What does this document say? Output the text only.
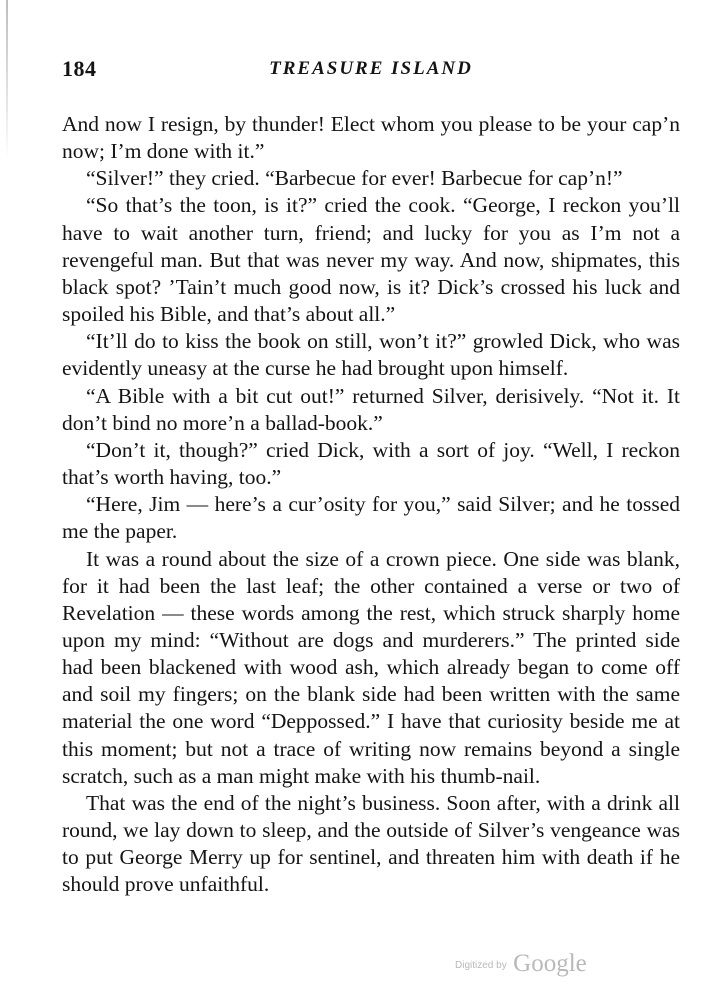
184	TREASURE ISLAND

And now I resign, by thunder! Elect whom you please to be your cap’n now; I’m done with it.”

“Silver!” they cried. “Barbecue for ever! Barbecue for cap’n!”

“So that’s the toon, is it?” cried the cook. “George, I reckon you’ll have to wait another turn, friend; and lucky for you as I’m not a revengeful man. But that was never my way. And now, shipmates, this black spot? ’Tain’t much good now, is it? Dick’s crossed his luck and spoiled his Bible, and that’s about all.”

“It’ll do to kiss the book on still, won’t it?” growled Dick, who was evidently uneasy at the curse he had brought upon himself.

“A Bible with a bit cut out!” returned Silver, derisively. “Not it. It don’t bind no more’n a ballad-book.”

“Don’t it, though?” cried Dick, with a sort of joy. “Well, I reckon that’s worth having, too.”

“Here, Jim — here’s a cur’osity for you,” said Silver; and he tossed me the paper.

It was a round about the size of a crown piece. One side was blank, for it had been the last leaf; the other contained a verse or two of Revelation — these words among the rest, which struck sharply home upon my mind: “Without are dogs and murderers.” The printed side had been blackened with wood ash, which already began to come off and soil my fingers; on the blank side had been written with the same material the one word “Deppossed.” I have that curiosity beside me at this moment; but not a trace of writing now remains beyond a single scratch, such as a man might make with his thumb-nail.

That was the end of the night’s business. Soon after, with a drink all round, we lay down to sleep, and the outside of Silver’s vengeance was to put George Merry up for sentinel, and threaten him with death if he should prove unfaithful.

Digitized by Google
